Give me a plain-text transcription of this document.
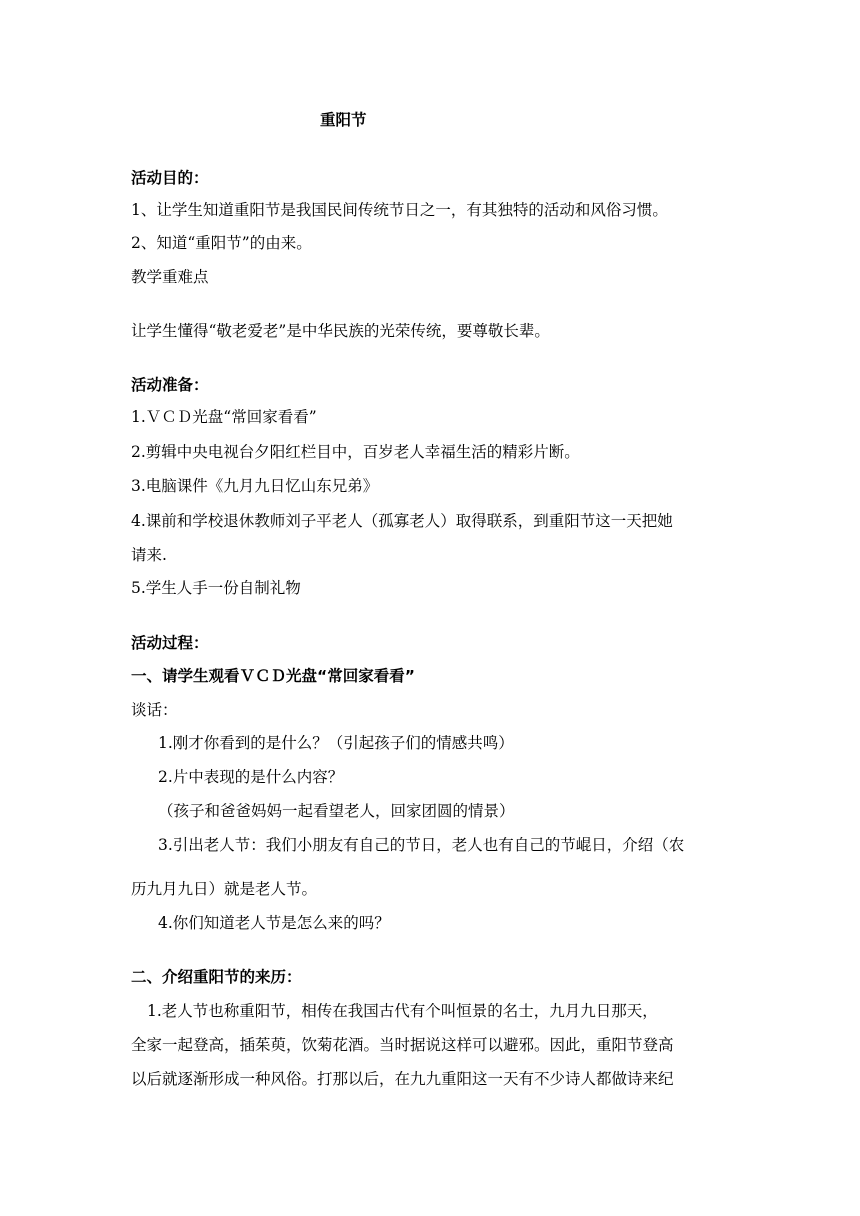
重阳节
活动目的：
1、让学生知道重阳节是我国民间传统节日之一，有其独特的活动和风俗习惯。
2、知道“重阳节”的由来。
教学重难点
让学生懂得“敬老爱老”是中华民族的光荣传统，要尊敬长辈。
活动准备：
1.ＶＣＤ光盘“常回家看看”
2.剪辑中央电视台夕阳红栏目中，百岁老人幸福生活的精彩片断。
3.电脑课件《九月九日忆山东兄弟》
4.课前和学校退休教师刘子平老人（孤寡老人）取得联系，到重阳节这一天把她
请来.
5.学生人手一份自制礼物
活动过程：
一、请学生观看ＶＣＤ光盘“常回家看看”
谈话：
1.刚才你看到的是什么？（引起孩子们的情感共鸣）
2.片中表现的是什么内容？
（孩子和爸爸妈妈一起看望老人，回家团圆的情景）
3.引出老人节：我们小朋友有自己的节日，老人也有自己的节崐日，介绍（农
历九月九日）就是老人节。
4.你们知道老人节是怎么来的吗？
二、介绍重阳节的来历：
1.老人节也称重阳节，相传在我国古代有个叫恒景的名士，九月九日那天，
全家一起登高，插茱萸，饮菊花酒。当时据说这样可以避邪。因此，重阳节登高
以后就逐渐形成一种风俗。打那以后，在九九重阳这一天有不少诗人都做诗来纪
